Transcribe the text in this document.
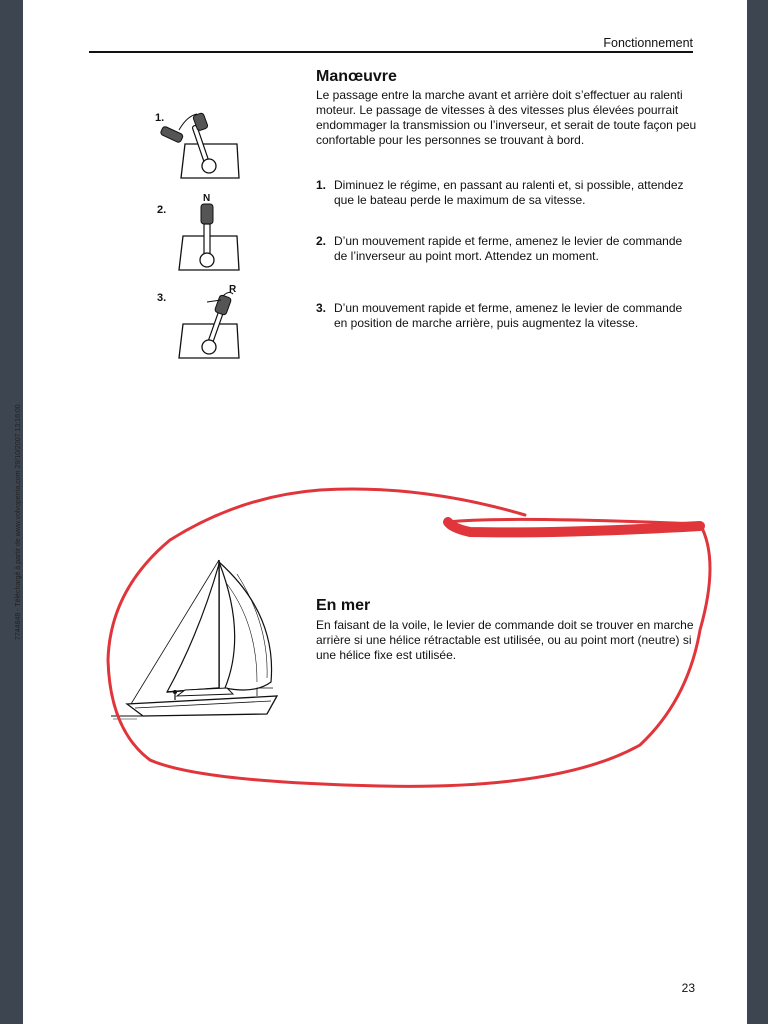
Fonctionnement
7744848 - Téléchargé à partir de www.volvopenta.com 29/10/2007 13:16:00
Manœuvre
Le passage entre la marche avant et arrière doit s’effectuer au ralenti moteur. Le passage de vitesses à des vitesses plus élevées pourrait endommager la transmission ou l’inverseur, et serait de toute façon peu confortable pour les personnes se trouvant à bord.
1. Diminuez le régime, en passant au ralenti et, si possible, attendez que le bateau perde le maximum de sa vitesse.
2. D’un mouvement rapide et ferme, amenez le levier de commande de l’inverseur au point mort. Attendez un moment.
3. D’un mouvement rapide et ferme, amenez le levier de commande en position de marche arrière, puis augmentez la vitesse.
1.
2.
3.
N
R
En mer
En faisant de la voile, le levier de commande doit se trouver en marche arrière si une hélice rétractable est utilisée, ou au point mort (neutre) si une hélice fixe est utilisée.
23
